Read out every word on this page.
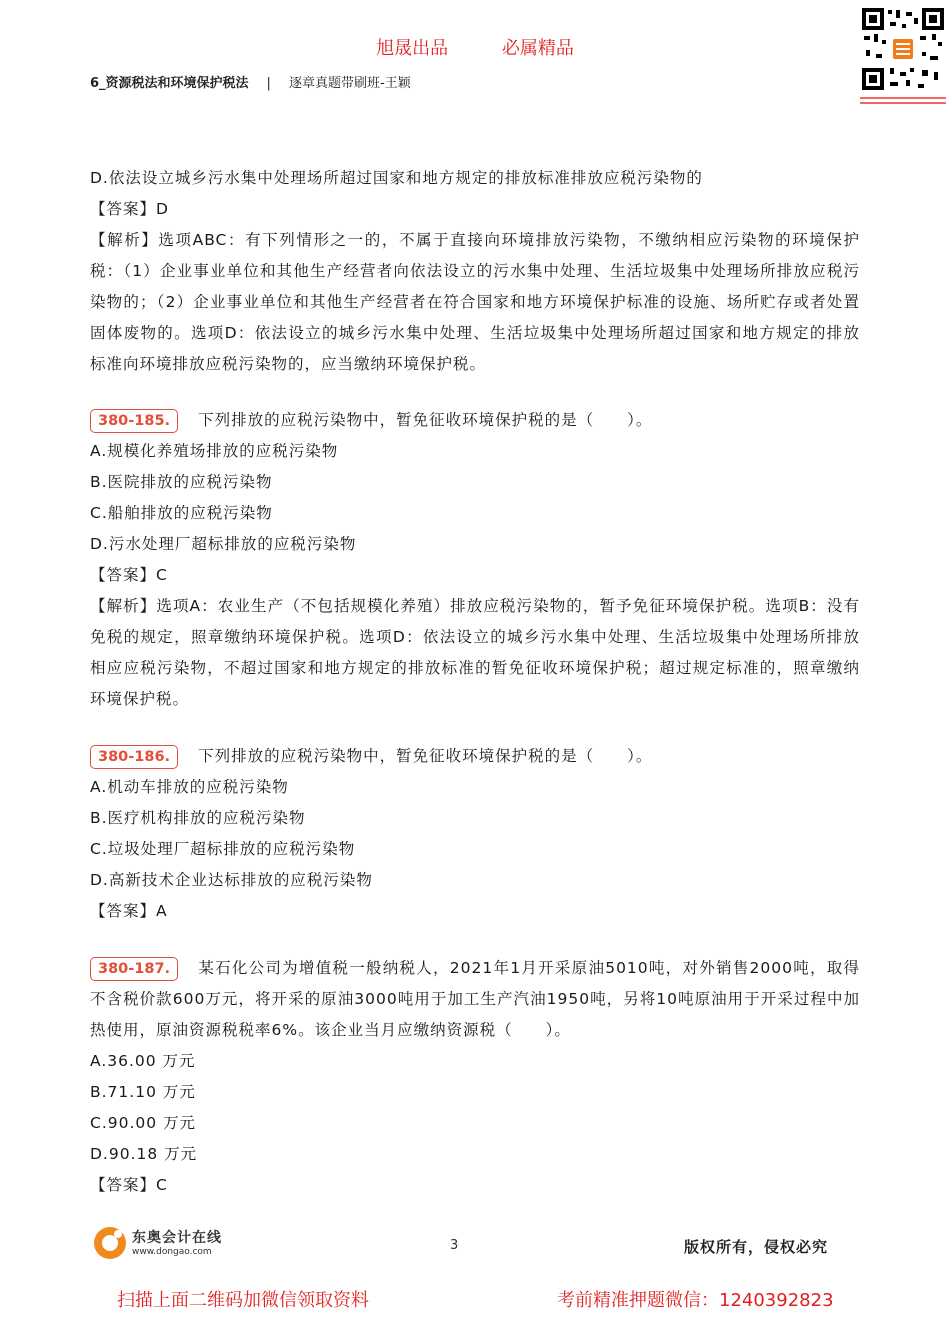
旭晟出品	必属精品
6_资源税法和环境保护税法 | 逐章真题带刷班-王颖
D.依法设立城乡污水集中处理场所超过国家和地方规定的排放标准排放应税污染物的
【答案】D
【解析】选项ABC：有下列情形之一的，不属于直接向环境排放污染物，不缴纳相应污染物的环境保护税：（1）企业事业单位和其他生产经营者向依法设立的污水集中处理、生活垃圾集中处理场所排放应税污染物的；（2）企业事业单位和其他生产经营者在符合国家和地方环境保护标准的设施、场所贮存或者处置固体废物的。选项D：依法设立的城乡污水集中处理、生活垃圾集中处理场所超过国家和地方规定的排放标准向环境排放应税污染物的，应当缴纳环境保护税。
380-185. 下列排放的应税污染物中，暂免征收环境保护税的是（　　）。
A.规模化养殖场排放的应税污染物
B.医院排放的应税污染物
C.船舶排放的应税污染物
D.污水处理厂超标排放的应税污染物
【答案】C
【解析】选项A：农业生产（不包括规模化养殖）排放应税污染物的，暂予免征环境保护税。选项B：没有免税的规定，照章缴纳环境保护税。选项D：依法设立的城乡污水集中处理、生活垃圾集中处理场所排放相应应税污染物，不超过国家和地方规定的排放标准的暂免征收环境保护税；超过规定标准的，照章缴纳环境保护税。
380-186. 下列排放的应税污染物中，暂免征收环境保护税的是（　　）。
A.机动车排放的应税污染物
B.医疗机构排放的应税污染物
C.垃圾处理厂超标排放的应税污染物
D.高新技术企业达标排放的应税污染物
【答案】A
380-187. 某石化公司为增值税一般纳税人，2021年1月开采原油5010吨，对外销售2000吨，取得不含税价款600万元，将开采的原油3000吨用于加工生产汽油1950吨，另将10吨原油用于开采过程中加热使用，原油资源税税率6%。该企业当月应缴纳资源税（　　）。
A.36.00 万元
B.71.10 万元
C.90.00 万元
D.90.18 万元
【答案】C
东奥会计在线
www.dongao.com	3	版权所有，侵权必究
扫描上面二维码加微信领取资料	考前精准押题微信：1240392823
